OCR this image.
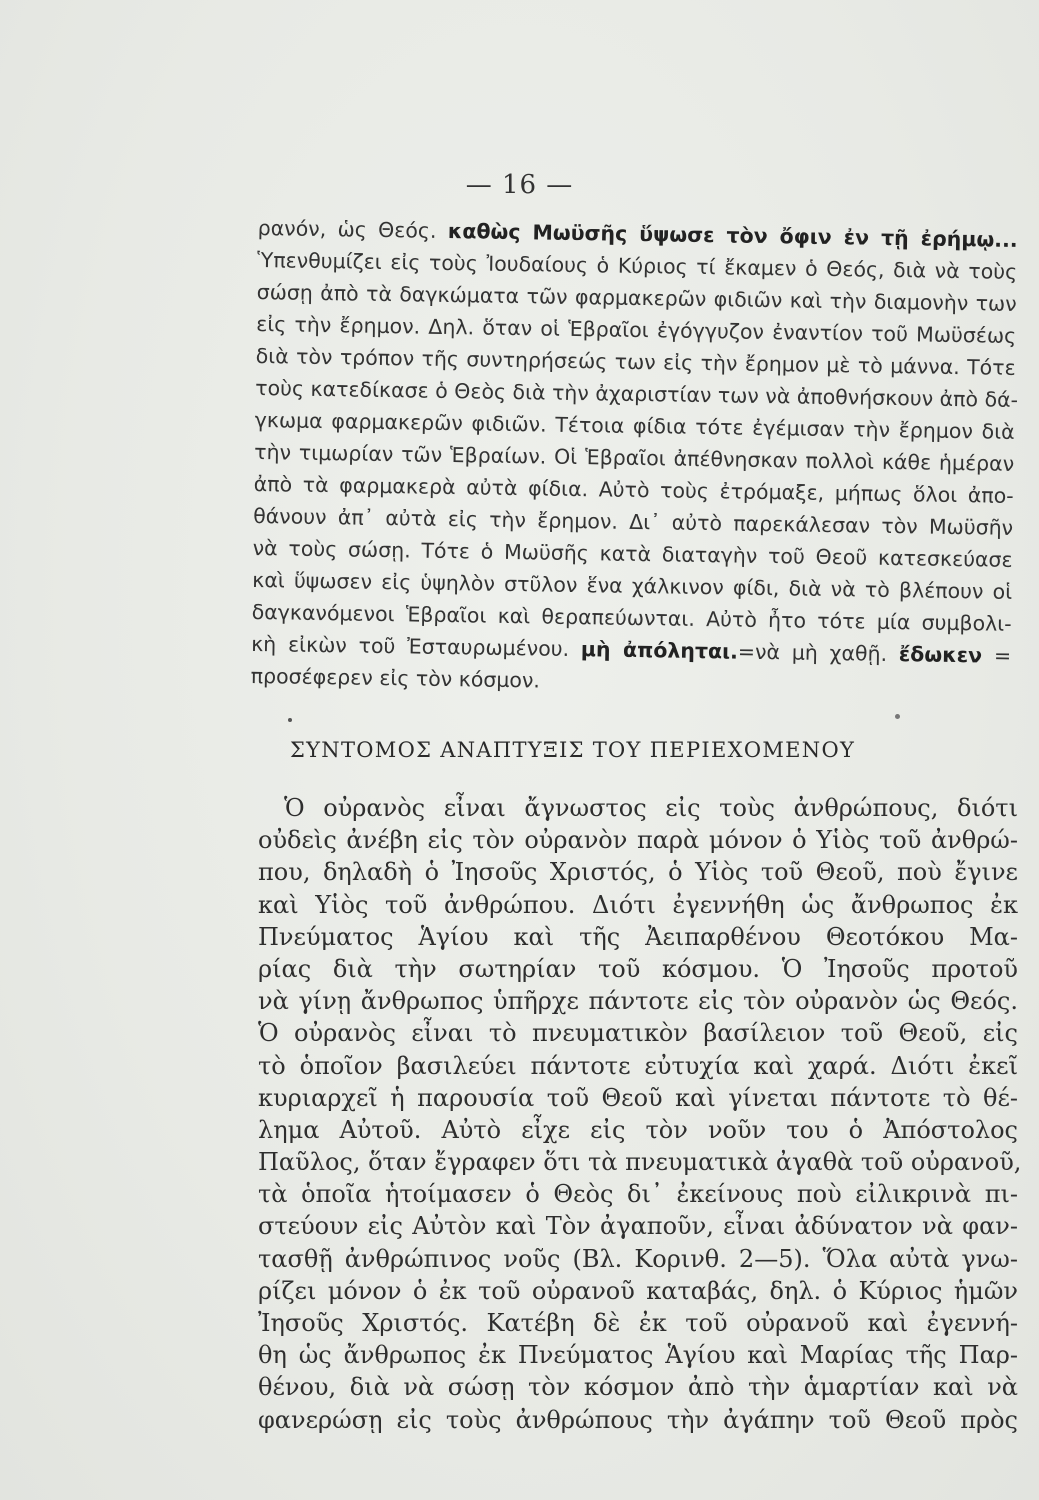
— 16 —
ρανόν, ὡς Θεός. καθὼς Μωϋσῆς ὕψωσε τὸν ὄφιν ἐν τῇ ἐρήμῳ...
Ὑπενθυμίζει εἰς τοὺς Ἰουδαίους ὁ Κύριος τί ἔκαμεν ὁ Θεός, διὰ νὰ τοὺς
σώσῃ ἀπὸ τὰ δαγκώματα τῶν φαρμακερῶν φιδιῶν καὶ τὴν διαμονὴν των
εἰς τὴν ἔρημον. Δηλ. ὅταν οἱ Ἑβραῖοι ἐγόγγυζον ἐναντίον τοῦ Μωϋσέως
διὰ τὸν τρόπον τῆς συντηρήσεώς των εἰς τὴν ἔρημον μὲ τὸ μάννα. Τότε
τοὺς κατεδίκασε ὁ Θεὸς διὰ τὴν ἀχαριστίαν των νὰ ἀποθνήσκουν ἀπὸ δά-
γκωμα φαρμακερῶν φιδιῶν. Τέτοια φίδια τότε ἐγέμισαν τὴν ἔρημον διὰ
τὴν τιμωρίαν τῶν Ἑβραίων. Οἱ Ἑβραῖοι ἀπέθνησκαν πολλοὶ κάθε ἡμέραν
ἀπὸ τὰ φαρμακερὰ αὐτὰ φίδια. Αὐτὸ τοὺς ἐτρόμαξε, μήπως ὅλοι ἀπο-
θάνουν ἀπ᾽ αὐτὰ εἰς τὴν ἔρημον. Δι᾽ αὐτὸ παρεκάλεσαν τὸν Μωϋσῆν
νὰ τοὺς σώσῃ. Τότε ὁ Μωϋσῆς κατὰ διαταγὴν τοῦ Θεοῦ κατεσκεύασε
καὶ ὕψωσεν εἰς ὑψηλὸν στῦλον ἕνα χάλκινον φίδι, διὰ νὰ τὸ βλέπουν οἱ
δαγκανόμενοι Ἑβραῖοι καὶ θεραπεύωνται. Αὐτὸ ἦτο τότε μία συμβολι-
κὴ εἰκὼν τοῦ Ἐσταυρωμένου. μὴ ἀπόληται.=νὰ μὴ χαθῇ. ἔδωκεν =
προσέφερεν εἰς τὸν κόσμον.
ΣΥΝΤΟΜΟΣ ΑΝΑΠΤΥΞΙΣ ΤΟΥ ΠΕΡΙΕΧΟΜΕΝΟΥ
Ὁ οὐρανὸς εἶναι ἄγνωστος εἰς τοὺς ἀνθρώπους, διότι
οὐδεὶς ἀνέβη εἰς τὸν οὐρανὸν παρὰ μόνον ὁ Υἱὸς τοῦ ἀνθρώ-
που, δηλαδὴ ὁ Ἰησοῦς Χριστός, ὁ Υἱὸς τοῦ Θεοῦ, ποὺ ἔγινε
καὶ Υἱὸς τοῦ ἀνθρώπου. Διότι ἐγεννήθη ὡς ἄνθρωπος ἐκ
Πνεύματος Ἁγίου καὶ τῆς Ἀειπαρθένου Θεοτόκου Μα-
ρίας διὰ τὴν σωτηρίαν τοῦ κόσμου. Ὁ Ἰησοῦς προτοῦ
νὰ γίνῃ ἄνθρωπος ὑπῆρχε πάντοτε εἰς τὸν οὐρανὸν ὡς Θεός.
Ὁ οὐρανὸς εἶναι τὸ πνευματικὸν βασίλειον τοῦ Θεοῦ, εἰς
τὸ ὁποῖον βασιλεύει πάντοτε εὐτυχία καὶ χαρά. Διότι ἐκεῖ
κυριαρχεῖ ἡ παρουσία τοῦ Θεοῦ καὶ γίνεται πάντοτε τὸ θέ-
λημα Αὐτοῦ. Αὐτὸ εἶχε εἰς τὸν νοῦν του ὁ Ἀπόστολος
Παῦλος, ὅταν ἔγραφεν ὅτι τὰ πνευματικὰ ἀγαθὰ τοῦ οὐρανοῦ,
τὰ ὁποῖα ἡτοίμασεν ὁ Θεὸς δι᾽ ἐκείνους ποὺ εἰλικρινὰ πι-
στεύουν εἰς Αὐτὸν καὶ Τὸν ἀγαποῦν, εἶναι ἀδύνατον νὰ φαν-
τασθῇ ἀνθρώπινος νοῦς (Βλ. Κορινθ. 2—5). Ὅλα αὐτὰ γνω-
ρίζει μόνον ὁ ἐκ τοῦ οὐρανοῦ καταβάς, δηλ. ὁ Κύριος ἡμῶν
Ἰησοῦς Χριστός. Κατέβη δὲ ἐκ τοῦ οὐρανοῦ καὶ ἐγεννή-
θη ὡς ἄνθρωπος ἐκ Πνεύματος Ἁγίου καὶ Μαρίας τῆς Παρ-
θένου, διὰ νὰ σώσῃ τὸν κόσμον ἀπὸ τὴν ἁμαρτίαν καὶ νὰ
φανερώσῃ εἰς τοὺς ἀνθρώπους τὴν ἀγάπην τοῦ Θεοῦ πρὸς
